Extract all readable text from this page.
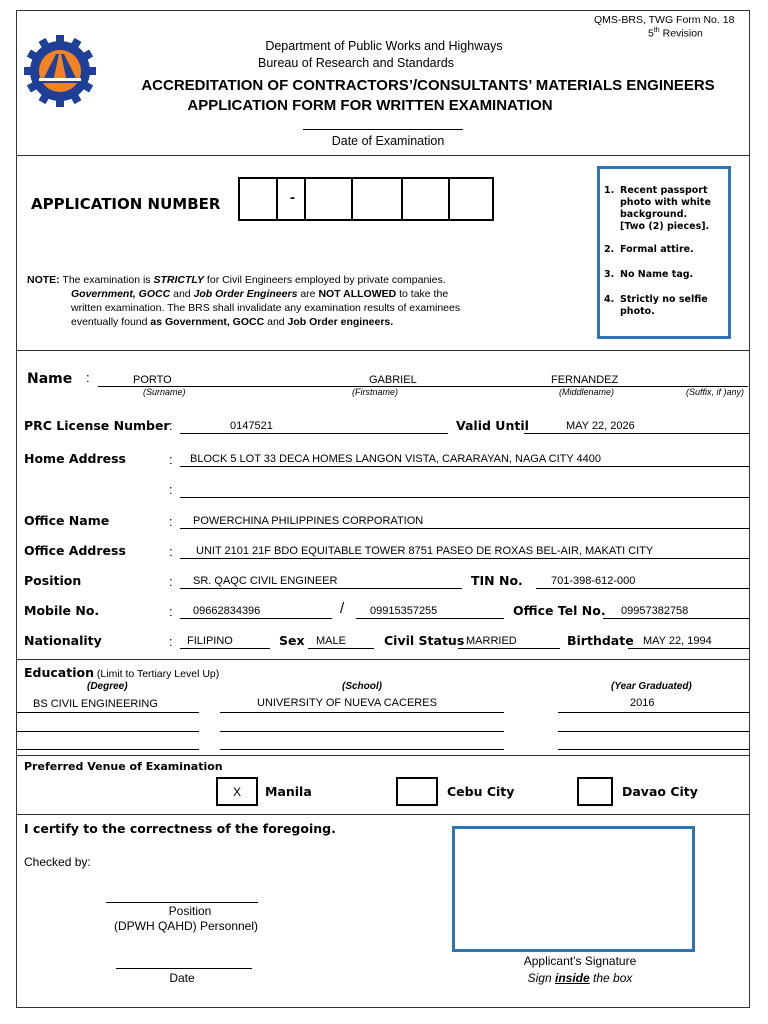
QMS-BRS, TWG Form No. 18
5th Revision
Department of Public Works and Highways
Bureau of Research and Standards
ACCREDITATION OF CONTRACTORS’/CONSULTANTS’ MATERIALS ENGINEERS
APPLICATION FORM FOR WRITTEN EXAMINATION
Date of Examination
APPLICATION NUMBER	-
NOTE: The examination is STRICTLY for Civil Engineers employed by private companies.
Government, GOCC and Job Order Engineers are NOT ALLOWED to take the
written examination. The BRS shall invalidate any examination results of examinees
eventually found as Government, GOCC and Job Order engineers.
1. Recent passport
photo with white
background.
[Two (2) pieces].
2. Formal attire.
3. No Name tag.
4. Strictly no selfie
photo.
Name :	PORTO	GABRIEL	FERNANDEZ
(Surname)	(Firstname)	(Middlename)	(Suffix, if )any)
PRC License Number :	0147521	Valid Until	MAY 22, 2026
Home Address	: BLOCK 5 LOT 33 DECA HOMES LANGON VISTA, CARARAYAN, NAGA CITY 4400
:
Office Name	: POWERCHINA PHILIPPINES CORPORATION
Office Address	: UNIT 2101 21F BDO EQUITABLE TOWER 8751 PASEO DE ROXAS BEL-AIR, MAKATI CITY
Position	: SR. QAQC CIVIL ENGINEER	TIN No.	701-398-612-000
Mobile No.	: 09662834396	/ 09915357255	Office Tel No. 09957382758
Nationality	: FILIPINO	Sex MALE	Civil Status MARRIED	Birthdate MAY 22, 1994
Education (Limit to Tertiary Level Up)
(Degree)	(School)	(Year Graduated)
BS CIVIL ENGINEERING	UNIVERSITY OF NUEVA CACERES	2016
Preferred Venue of Examination
X	Manila	Cebu City	Davao City
I certify to the correctness of the foregoing.
Checked by:
Position
(DPWH QAHD) Personnel)
Date
Applicant’s Signature
Sign inside the box
